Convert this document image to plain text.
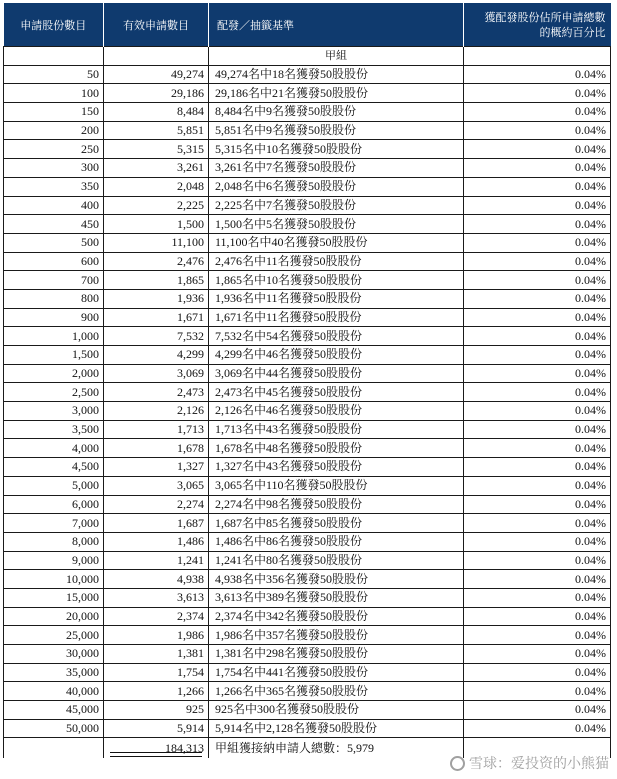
申請股份數目	有效申請數目	配發／抽籤基準	獲配發股份佔所申請總數
的概約百分比
		甲組	
50	49,274	49,274名中18名獲發50股股份	0.04%
100	29,186	29,186名中21名獲發50股股份	0.04%
150	8,484	8,484名中9名獲發50股股份	0.04%
200	5,851	5,851名中9名獲發50股股份	0.04%
250	5,315	5,315名中10名獲發50股股份	0.04%
300	3,261	3,261名中7名獲發50股股份	0.04%
350	2,048	2,048名中6名獲發50股股份	0.04%
400	2,225	2,225名中7名獲發50股股份	0.04%
450	1,500	1,500名中5名獲發50股股份	0.04%
500	11,100	11,100名中40名獲發50股股份	0.04%
600	2,476	2,476名中11名獲發50股股份	0.04%
700	1,865	1,865名中10名獲發50股股份	0.04%
800	1,936	1,936名中11名獲發50股股份	0.04%
900	1,671	1,671名中11名獲發50股股份	0.04%
1,000	7,532	7,532名中54名獲發50股股份	0.04%
1,500	4,299	4,299名中46名獲發50股股份	0.04%
2,000	3,069	3,069名中44名獲發50股股份	0.04%
2,500	2,473	2,473名中45名獲發50股股份	0.04%
3,000	2,126	2,126名中46名獲發50股股份	0.04%
3,500	1,713	1,713名中43名獲發50股股份	0.04%
4,000	1,678	1,678名中48名獲發50股股份	0.04%
4,500	1,327	1,327名中43名獲發50股股份	0.04%
5,000	3,065	3,065名中110名獲發50股股份	0.04%
6,000	2,274	2,274名中98名獲發50股股份	0.04%
7,000	1,687	1,687名中85名獲發50股股份	0.04%
8,000	1,486	1,486名中86名獲發50股股份	0.04%
9,000	1,241	1,241名中80名獲發50股股份	0.04%
10,000	4,938	4,938名中356名獲發50股股份	0.04%
15,000	3,613	3,613名中389名獲發50股股份	0.04%
20,000	2,374	2,374名中342名獲發50股股份	0.04%
25,000	1,986	1,986名中357名獲發50股股份	0.04%
30,000	1,381	1,381名中298名獲發50股股份	0.04%
35,000	1,754	1,754名中441名獲發50股股份	0.04%
40,000	1,266	1,266名中365名獲發50股股份	0.04%
45,000	925	925名中300名獲發50股股份	0.04%
50,000	5,914	5,914名中2,128名獲發50股股份	0.04%
	184,313	甲組獲接納申請人總數：5,979	
雪球：爱投资的小熊猫
